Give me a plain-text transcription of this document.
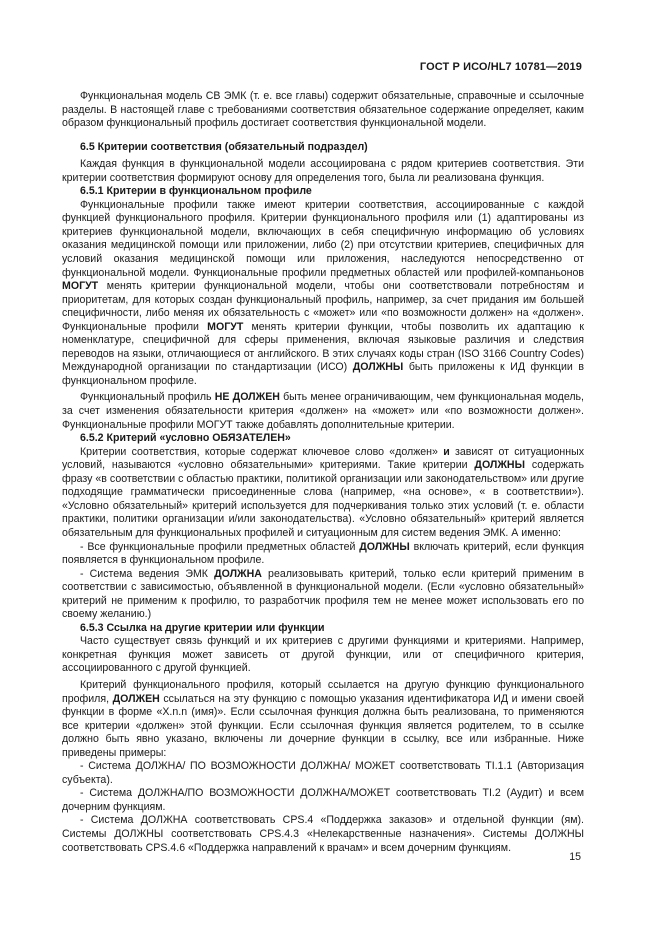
ГОСТ Р ИСО/HL7 10781—2019

Функциональная модель СВ ЭМК (т. е. все главы) содержит обязательные, справочные и ссылочные разделы. В настоящей главе с требованиями соответствия обязательное содержание определяет, каким образом функциональный профиль достигает соответствия функциональной модели.

6.5 Критерии соответствия (обязательный подраздел)

Каждая функция в функциональной модели ассоциирована с рядом критериев соответствия. Эти критерии соответствия формируют основу для определения того, была ли реализована функция.

6.5.1 Критерии в функциональном профиле

Функциональные профили также имеют критерии соответствия, ассоциированные с каждой функцией функционального профиля. Критерии функционального профиля или (1) адаптированы из критериев функциональной модели, включающих в себя специфичную информацию об условиях оказания медицинской помощи или приложении, либо (2) при отсутствии критериев, специфичных для условий оказания медицинской помощи или приложения, наследуются непосредственно от функциональной модели. Функциональные профили предметных областей или профилей-компаньонов МОГУТ менять критерии функциональной модели, чтобы они соответствовали потребностям и приоритетам, для которых создан функциональный профиль, например, за счет придания им большей специфичности, либо меняя их обязательность с «может» или «по возможности должен» на «должен». Функциональные профили МОГУТ менять критерии функции, чтобы позволить их адаптацию к номенклатуре, специфичной для сферы применения, включая языковые различия и следствия переводов на языки, отличающиеся от английского. В этих случаях коды стран (ISO 3166 Country Codes) Международной организации по стандартизации (ИСО) ДОЛЖНЫ быть приложены к ИД функции в функциональном профиле.

Функциональный профиль НЕ ДОЛЖЕН быть менее ограничивающим, чем функциональная модель, за счет изменения обязательности критерия «должен» на «может» или «по возможности должен». Функциональные профили МОГУТ также добавлять дополнительные критерии.

6.5.2 Критерий «условно ОБЯЗАТЕЛЕН»

Критерии соответствия, которые содержат ключевое слово «должен» и зависят от ситуационных условий, называются «условно обязательными» критериями. Такие критерии ДОЛЖНЫ содержать фразу «в соответствии с областью практики, политикой организации или законодательством» или другие подходящие грамматически присоединенные слова (например, «на основе», « в соответствии»). «Условно обязательный» критерий используется для подчеркивания только этих условий (т. е. области практики, политики организации и/или законодательства). «Условно обязательный» критерий является обязательным для функциональных профилей и ситуационным для систем ведения ЭМК. А именно:

- Все функциональные профили предметных областей ДОЛЖНЫ включать критерий, если функция появляется в функциональном профиле.

- Система ведения ЭМК ДОЛЖНА реализовывать критерий, только если критерий применим в соответствии с зависимостью, объявленной в функциональной модели. (Если «условно обязательный» критерий не применим к профилю, то разработчик профиля тем не менее может использовать его по своему желанию.)

6.5.3 Ссылка на другие критерии или функции

Часто существует связь функций и их критериев с другими функциями и критериями. Например, конкретная функция может зависеть от другой функции, или от специфичного критерия, ассоциированного с другой функцией.

Критерий функционального профиля, который ссылается на другую функцию функционального профиля, ДОЛЖЕН ссылаться на эту функцию с помощью указания идентификатора ИД и имени своей функции в форме «X.n.n (имя)». Если ссылочная функция должна быть реализована, то применяются все критерии «должен» этой функции. Если ссылочная функция является родителем, то в ссылке должно быть явно указано, включены ли дочерние функции в ссылку, все или избранные. Ниже приведены примеры:

- Система ДОЛЖНА/ ПО ВОЗМОЖНОСТИ ДОЛЖНА/ МОЖЕТ соответствовать TI.1.1 (Авторизация субъекта).

- Система ДОЛЖНА/ПО ВОЗМОЖНОСТИ ДОЛЖНА/МОЖЕТ соответствовать TI.2 (Аудит) и всем дочерним функциям.

- Система ДОЛЖНА соответствовать CPS.4 «Поддержка заказов» и отдельной функции (ям). Системы ДОЛЖНЫ соответствовать CPS.4.3 «Нелекарственные назначения». Системы ДОЛЖНЫ соответствовать CPS.4.6 «Поддержка направлений к врачам» и всем дочерним функциям.

15
